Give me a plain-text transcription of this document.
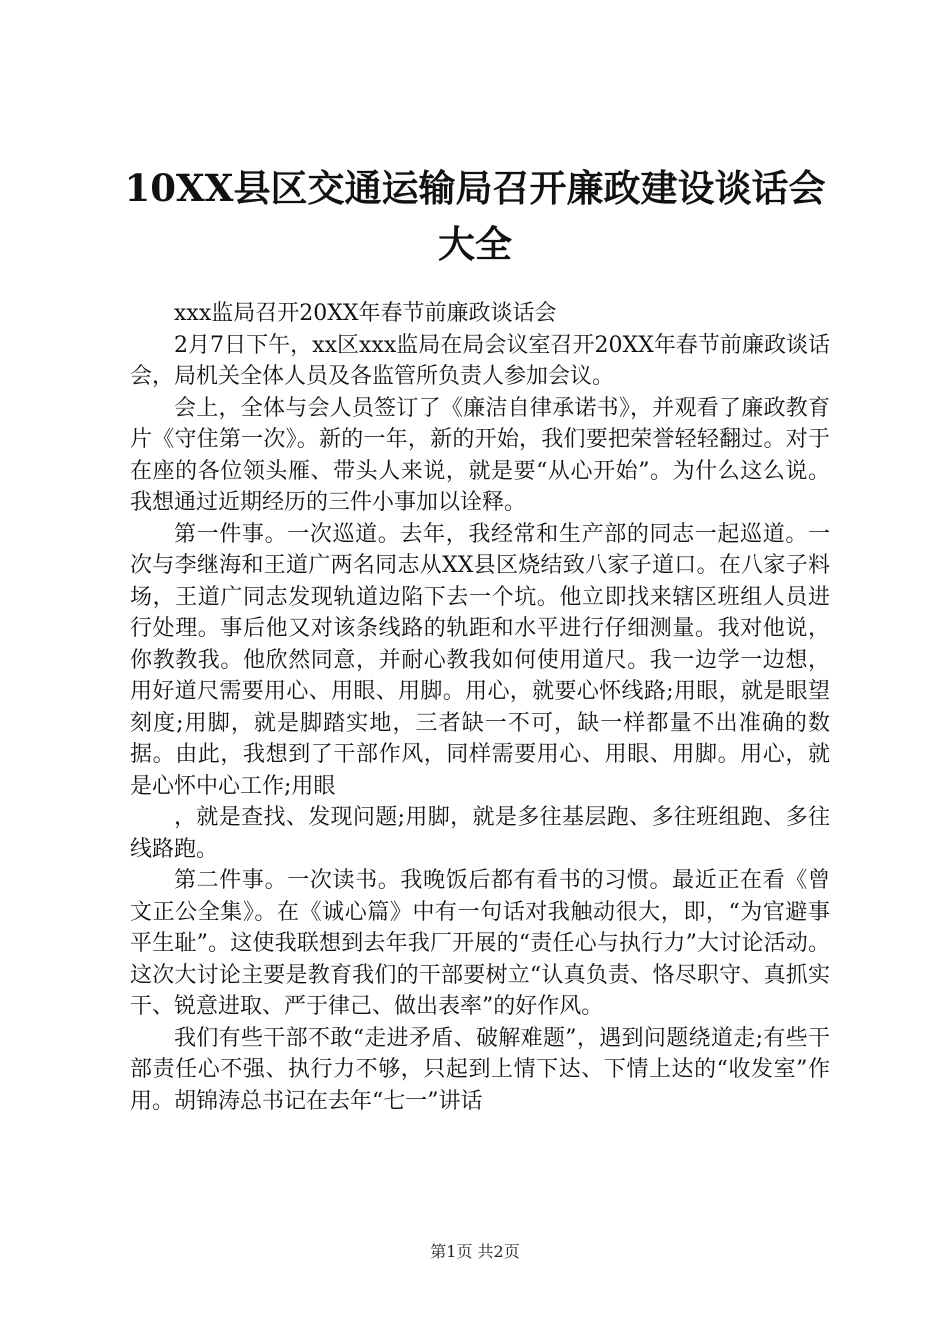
10XX县区交通运输局召开廉政建设谈话会大全

xxx监局召开20XX年春节前廉政谈话会

2月7日下午，xx区xxx监局在局会议室召开20XX年春节前廉政谈话会，局机关全体人员及各监管所负责人参加会议。

会上，全体与会人员签订了《廉洁自律承诺书》，并观看了廉政教育片《守住第一次》。新的一年，新的开始，我们要把荣誉轻轻翻过。对于在座的各位领头雁、带头人来说，就是要“从心开始”。为什么这么说。我想通过近期经历的三件小事加以诠释。

第一件事。一次巡道。去年，我经常和生产部的同志一起巡道。一次与李继海和王道广两名同志从XX县区烧结致八家子道口。在八家子料场，王道广同志发现轨道边陷下去一个坑。他立即找来辖区班组人员进行处理。事后他又对该条线路的轨距和水平进行仔细测量。我对他说，你教教我。他欣然同意，并耐心教我如何使用道尺。我一边学一边想，用好道尺需要用心、用眼、用脚。用心，就要心怀线路;用眼，就是眼望刻度;用脚，就是脚踏实地，三者缺一不可，缺一样都量不出准确的数据。由此，我想到了干部作风，同样需要用心、用眼、用脚。用心，就是心怀中心工作;用眼

，就是查找、发现问题;用脚，就是多往基层跑、多往班组跑、多往线路跑。

第二件事。一次读书。我晚饭后都有看书的习惯。最近正在看《曾文正公全集》。在《诚心篇》中有一句话对我触动很大，即，“为官避事平生耻”。这使我联想到去年我厂开展的“责任心与执行力”大讨论活动。这次大讨论主要是教育我们的干部要树立“认真负责、恪尽职守、真抓实干、锐意进取、严于律己、做出表率”的好作风。

我们有些干部不敢“走进矛盾、破解难题”，遇到问题绕道走;有些干部责任心不强、执行力不够，只起到上情下达、下情上达的“收发室”作用。胡锦涛总书记在去年“七一”讲话

第1页 共2页
